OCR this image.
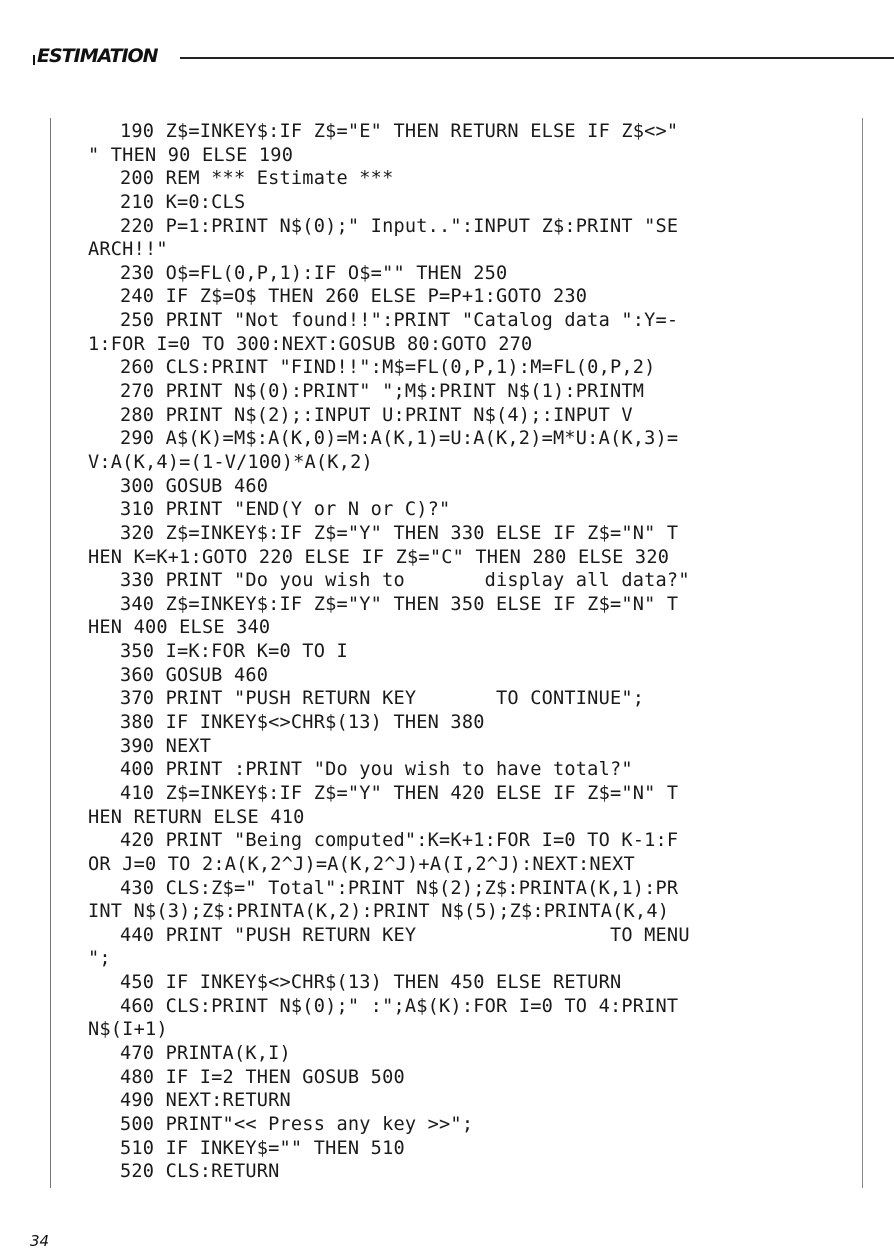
ESTIMATION
190 Z$=INKEY$:IF Z$="E" THEN RETURN ELSE IF Z$<>"
" THEN 90 ELSE 190
200 REM *** Estimate ***
210 K=0:CLS
220 P=1:PRINT N$(0);" Input..":INPUT Z$:PRINT "SE
ARCH!!"
230 O$=FL(0,P,1):IF O$="" THEN 250
240 IF Z$=O$ THEN 260 ELSE P=P+1:GOTO 230
250 PRINT "Not found!!":PRINT "Catalog data ":Y=-
1:FOR I=0 TO 300:NEXT:GOSUB 80:GOTO 270
260 CLS:PRINT "FIND!!":M$=FL(0,P,1):M=FL(0,P,2)
270 PRINT N$(0):PRINT" ";M$:PRINT N$(1):PRINTM
280 PRINT N$(2);:INPUT U:PRINT N$(4);:INPUT V
290 A$(K)=M$:A(K,0)=M:A(K,1)=U:A(K,2)=M*U:A(K,3)=
V:A(K,4)=(1-V/100)*A(K,2)
300 GOSUB 460
310 PRINT "END(Y or N or C)?"
320 Z$=INKEY$:IF Z$="Y" THEN 330 ELSE IF Z$="N" T
HEN K=K+1:GOTO 220 ELSE IF Z$="C" THEN 280 ELSE 320
330 PRINT "Do you wish to       display all data?"
340 Z$=INKEY$:IF Z$="Y" THEN 350 ELSE IF Z$="N" T
HEN 400 ELSE 340
350 I=K:FOR K=0 TO I
360 GOSUB 460
370 PRINT "PUSH RETURN KEY       TO CONTINUE";
380 IF INKEY$<>CHR$(13) THEN 380
390 NEXT
400 PRINT :PRINT "Do you wish to have total?"
410 Z$=INKEY$:IF Z$="Y" THEN 420 ELSE IF Z$="N" T
HEN RETURN ELSE 410
420 PRINT "Being computed":K=K+1:FOR I=0 TO K-1:F
OR J=0 TO 2:A(K,2^J)=A(K,2^J)+A(I,2^J):NEXT:NEXT
430 CLS:Z$=" Total":PRINT N$(2);Z$:PRINTA(K,1):PR
INT N$(3);Z$:PRINTA(K,2):PRINT N$(5);Z$:PRINTA(K,4)
440 PRINT "PUSH RETURN KEY                 TO MENU
";
450 IF INKEY$<>CHR$(13) THEN 450 ELSE RETURN
460 CLS:PRINT N$(0);" :";A$(K):FOR I=0 TO 4:PRINT
N$(I+1)
470 PRINTA(K,I)
480 IF I=2 THEN GOSUB 500
490 NEXT:RETURN
500 PRINT"<< Press any key >>";
510 IF INKEY$="" THEN 510
520 CLS:RETURN
34
